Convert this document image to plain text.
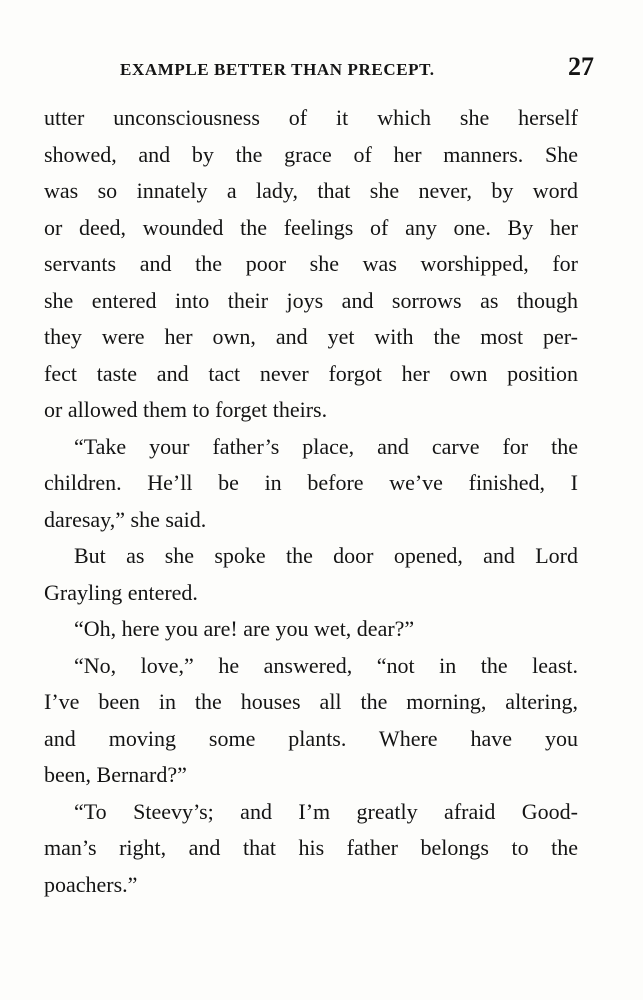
EXAMPLE BETTER THAN PRECEPT.	27
utter unconsciousness of it which she herself
showed, and by the grace of her manners. She
was so innately a lady, that she never, by word
or deed, wounded the feelings of any one. By her
servants and the poor she was worshipped, for
she entered into their joys and sorrows as though
they were her own, and yet with the most per-
fect taste and tact never forgot her own position
or allowed them to forget theirs.
“Take your father’s place, and carve for the
children. He’ll be in before we’ve finished, I
daresay,” she said.
But as she spoke the door opened, and Lord
Grayling entered.
“Oh, here you are! are you wet, dear?”
“No, love,” he answered, “not in the least.
I’ve been in the houses all the morning, altering,
and moving some plants. Where have you
been, Bernard?”
“To Steevy’s; and I’m greatly afraid Good-
man’s right, and that his father belongs to the
poachers.”
